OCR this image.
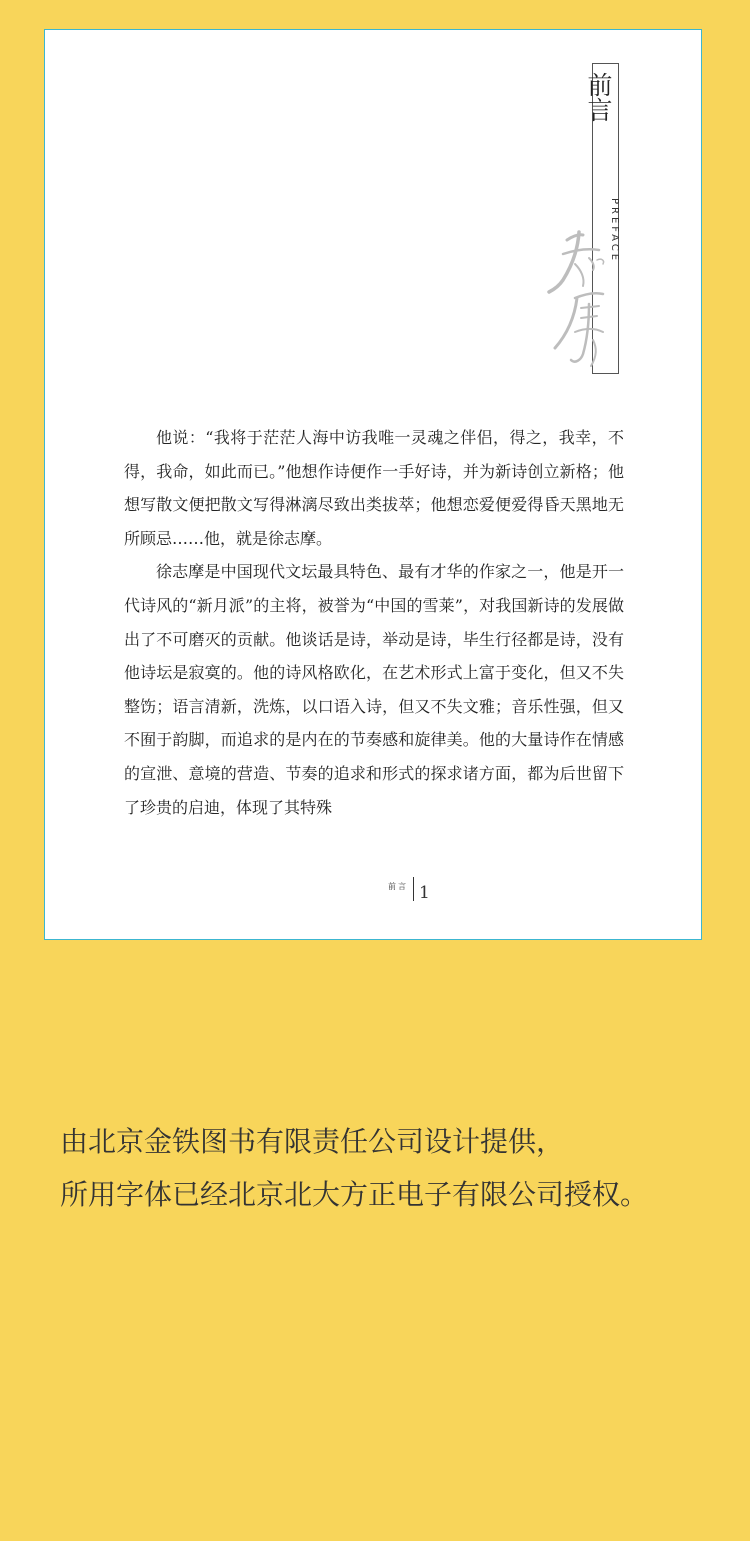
前言
PREFACE

他说：“我将于茫茫人海中访我唯一灵魂之伴侣，得之，我幸，不得，我命，如此而已。”他想作诗便作一手好诗，并为新诗创立新格；他想写散文便把散文写得淋漓尽致出类拔萃；他想恋爱便爱得昏天黑地无所顾忌……他，就是徐志摩。

徐志摩是中国现代文坛最具特色、最有才华的作家之一，他是开一代诗风的“新月派”的主将，被誉为“中国的雪莱”，对我国新诗的发展做出了不可磨灭的贡献。他谈话是诗，举动是诗，毕生行径都是诗，没有他诗坛是寂寞的。他的诗风格欧化，在艺术形式上富于变化，但又不失整饬；语言清新，洗炼，以口语入诗，但又不失文雅；音乐性强，但又不囿于韵脚，而追求的是内在的节奏感和旋律美。他的大量诗作在情感的宣泄、意境的营造、节奏的追求和形式的探求诸方面，都为后世留下了珍贵的启迪，体现了其特殊

前言 1
由北京金铁图书有限责任公司设计提供，
所用字体已经北京北大方正电子有限公司授权。
